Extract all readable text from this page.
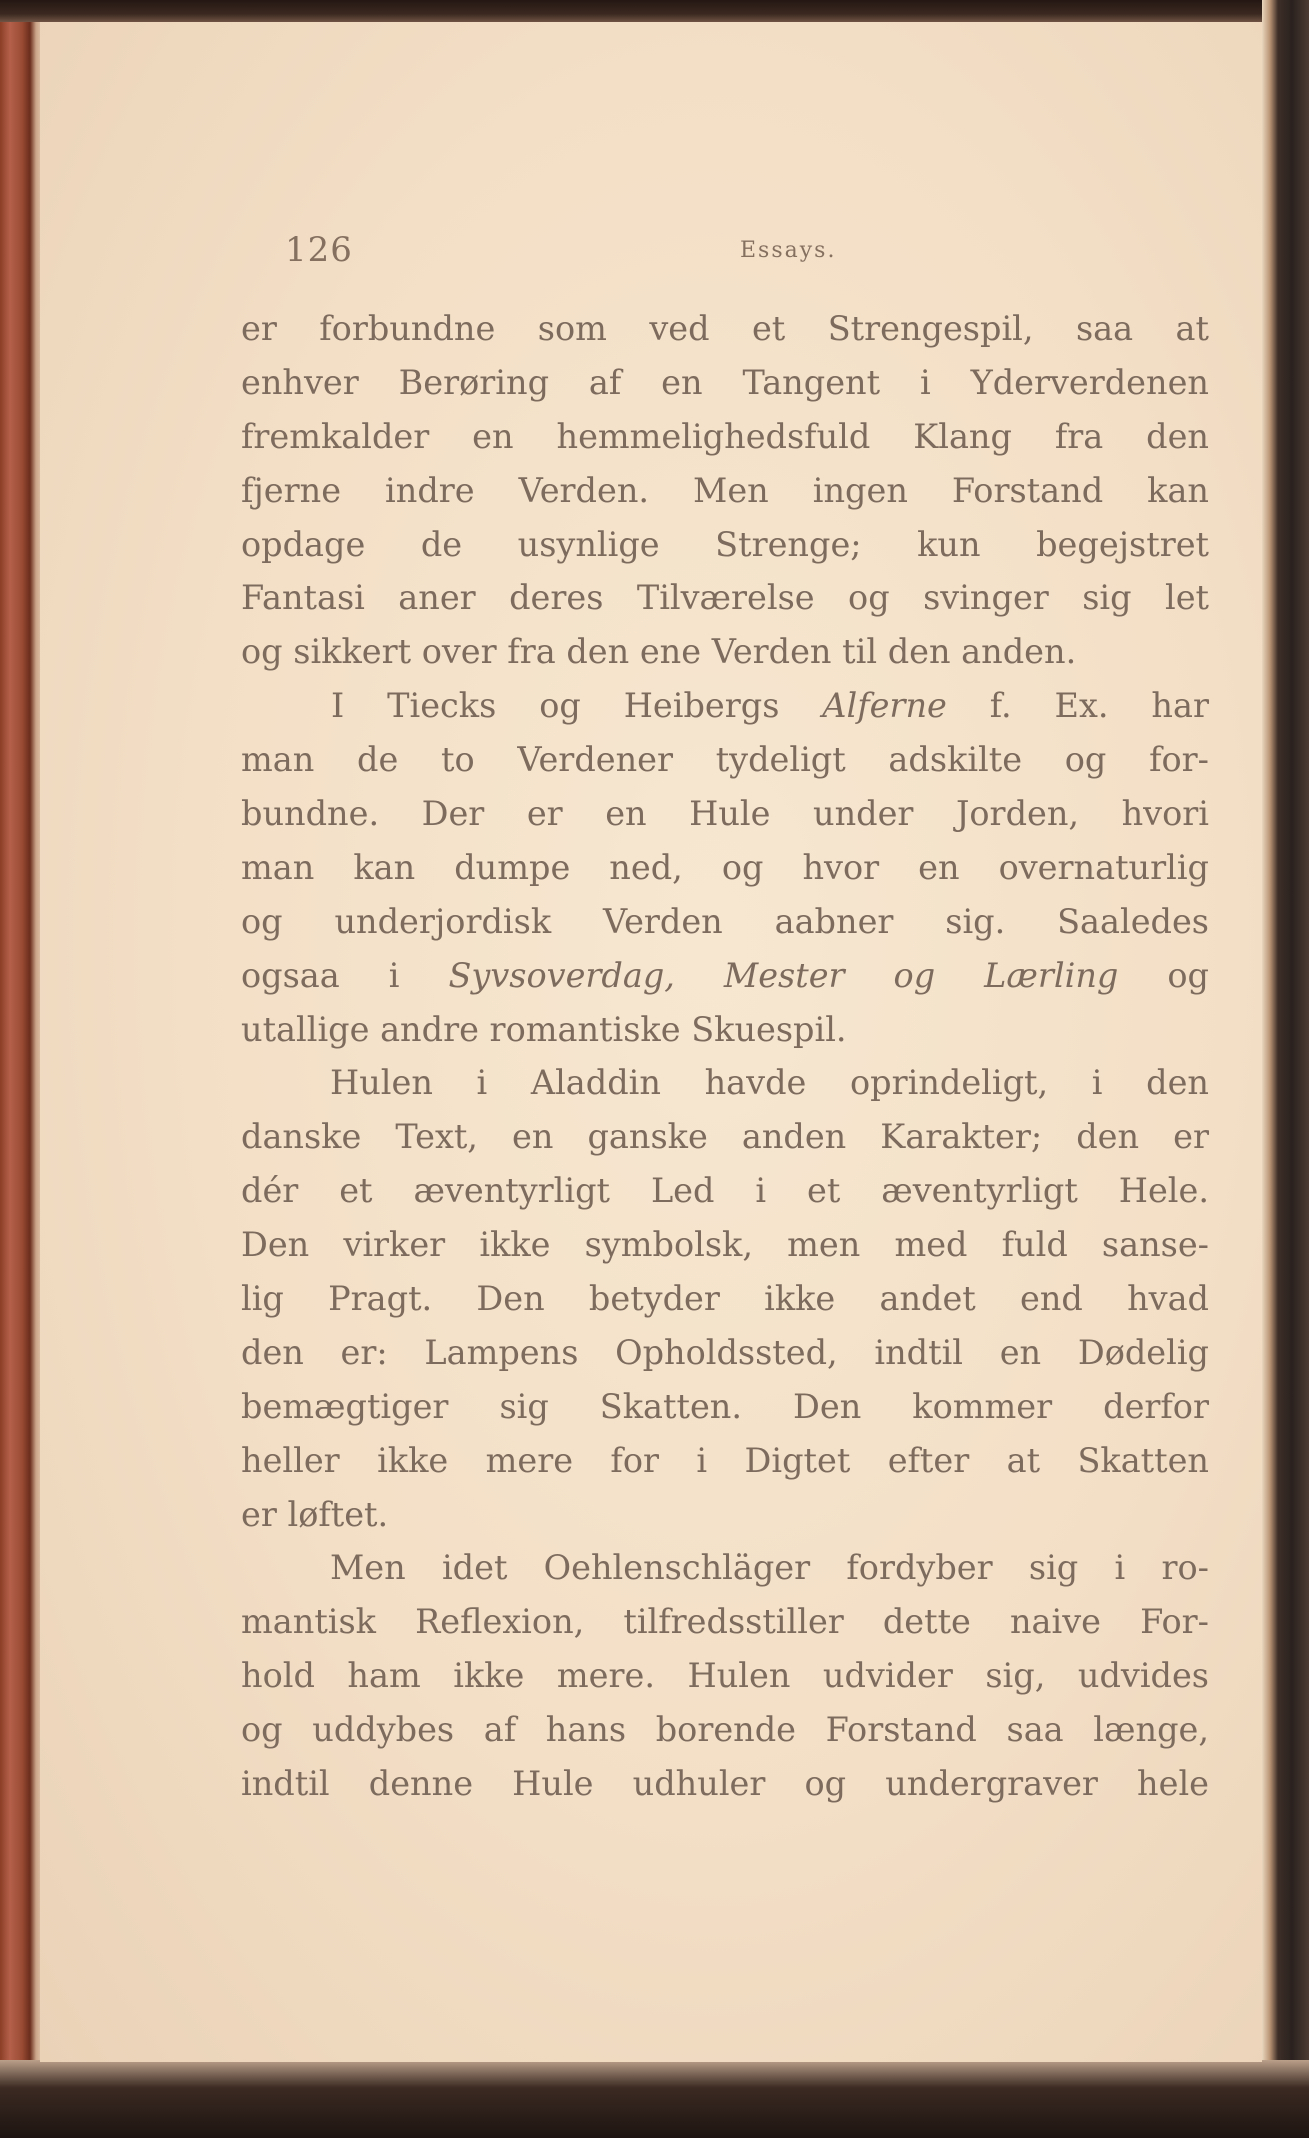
126	Essays.
er forbundne som ved et Strengespil, saa at
enhver Berøring af en Tangent i Yderverdenen
fremkalder en hemmelighedsfuld Klang fra den
fjerne indre Verden. Men ingen Forstand kan
opdage de usynlige Strenge; kun begejstret
Fantasi aner deres Tilværelse og svinger sig let
og sikkert over fra den ene Verden til den anden.
I Tiecks og Heibergs Alferne f. Ex. har
man de to Verdener tydeligt adskilte og for-
bundne. Der er en Hule under Jorden, hvori
man kan dumpe ned, og hvor en overnaturlig
og underjordisk Verden aabner sig. Saaledes
ogsaa i Syvsoverdag, Mester og Lærling og
utallige andre romantiske Skuespil.
Hulen i Aladdin havde oprindeligt, i den
danske Text, en ganske anden Karakter; den er
dér et æventyrligt Led i et æventyrligt Hele.
Den virker ikke symbolsk, men med fuld sanse-
lig Pragt. Den betyder ikke andet end hvad
den er: Lampens Opholdssted, indtil en Dødelig
bemægtiger sig Skatten. Den kommer derfor
heller ikke mere for i Digtet efter at Skatten
er løftet.
Men idet Oehlenschläger fordyber sig i ro-
mantisk Reflexion, tilfredsstiller dette naive For-
hold ham ikke mere. Hulen udvider sig, udvides
og uddybes af hans borende Forstand saa længe,
indtil denne Hule udhuler og undergraver hele
